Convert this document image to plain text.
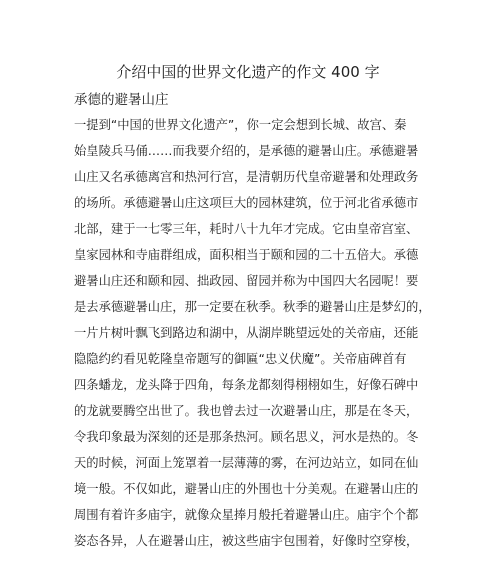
介绍中国的世界文化遗产的作文 400 字
承德的避暑山庄
一提到“中国的世界文化遗产”，你一定会想到长城、故宫、秦
始皇陵兵马俑……而我要介绍的，是承德的避暑山庄。承德避暑
山庄又名承德离宫和热河行宫，是清朝历代皇帝避暑和处理政务
的场所。承德避暑山庄这项巨大的园林建筑，位于河北省承德市
北部，建于一七零三年，耗时八十九年才完成。它由皇帝宫室、
皇家园林和寺庙群组成，面积相当于颐和园的二十五倍大。承德
避暑山庄还和颐和园、拙政园、留园并称为中国四大名园呢！要
是去承德避暑山庄，那一定要在秋季。秋季的避暑山庄是梦幻的，
一片片树叶飘飞到路边和湖中，从湖岸眺望远处的关帝庙，还能
隐隐约约看见乾隆皇帝题写的御匾“忠义伏魔”。关帝庙碑首有
四条蟠龙，龙头降于四角，每条龙都刻得栩栩如生，好像石碑中
的龙就要腾空出世了。我也曾去过一次避暑山庄，那是在冬天，
令我印象最为深刻的还是那条热河。顾名思义，河水是热的。冬
天的时候，河面上笼罩着一层薄薄的雾，在河边站立，如同在仙
境一般。不仅如此，避暑山庄的外围也十分美观。在避暑山庄的
周围有着许多庙宇，就像众星捧月般托着避暑山庄。庙宇个个都
姿态各异，人在避暑山庄，被这些庙宇包围着，好像时空穿梭，
